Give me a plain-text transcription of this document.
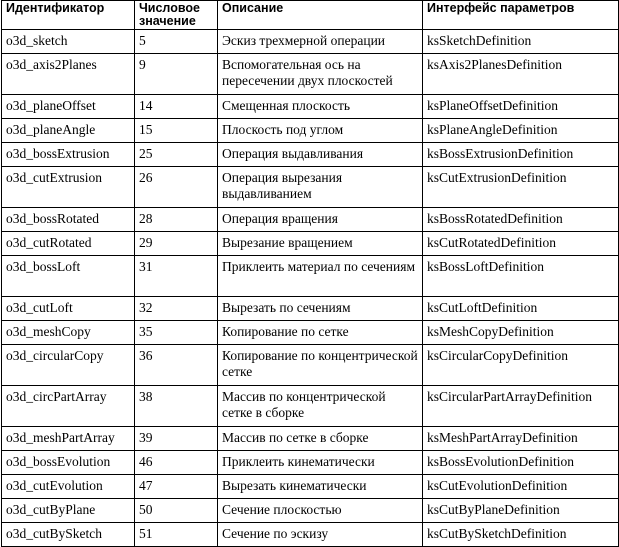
Идентификатор	Числовое значение	Описание	Интерфейс параметров
o3d_sketch	5	Эскиз трехмерной операции	ksSketchDefinition
o3d_axis2Planes	9	Вспомогательная ось на пересечении двух плоскостей	ksAxis2PlanesDefinition
o3d_planeOffset	14	Смещенная плоскость	ksPlaneOffsetDefinition
o3d_planeAngle	15	Плоскость под углом	ksPlaneAngleDefinition
o3d_bossExtrusion	25	Операция выдавливания	ksBossExtrusionDefinition
o3d_cutExtrusion	26	Операция вырезания выдавливанием	ksCutExtrusionDefinition
o3d_bossRotated	28	Операция вращения	ksBossRotatedDefinition
o3d_cutRotated	29	Вырезание вращением	ksCutRotatedDefinition
o3d_bossLoft	31	Приклеить материал по сечениям	ksBossLoftDefinition
o3d_cutLoft	32	Вырезать по сечениям	ksCutLoftDefinition
o3d_meshCopy	35	Копирование по сетке	ksMeshCopyDefinition
o3d_circularCopy	36	Копирование по концентрической сетке	ksCircularCopyDefinition
o3d_circPartArray	38	Массив по концентрической сетке в сборке	ksCircularPartArrayDefinition
o3d_meshPartArray	39	Массив по сетке в сборке	ksMeshPartArrayDefinition
o3d_bossEvolution	46	Приклеить кинематически	ksBossEvolutionDefinition
o3d_cutEvolution	47	Вырезать кинематически	ksCutEvolutionDefinition
o3d_cutByPlane	50	Сечение плоскостью	ksCutByPlaneDefinition
o3d_cutBySketch	51	Сечение по эскизу	ksCutBySketchDefinition
